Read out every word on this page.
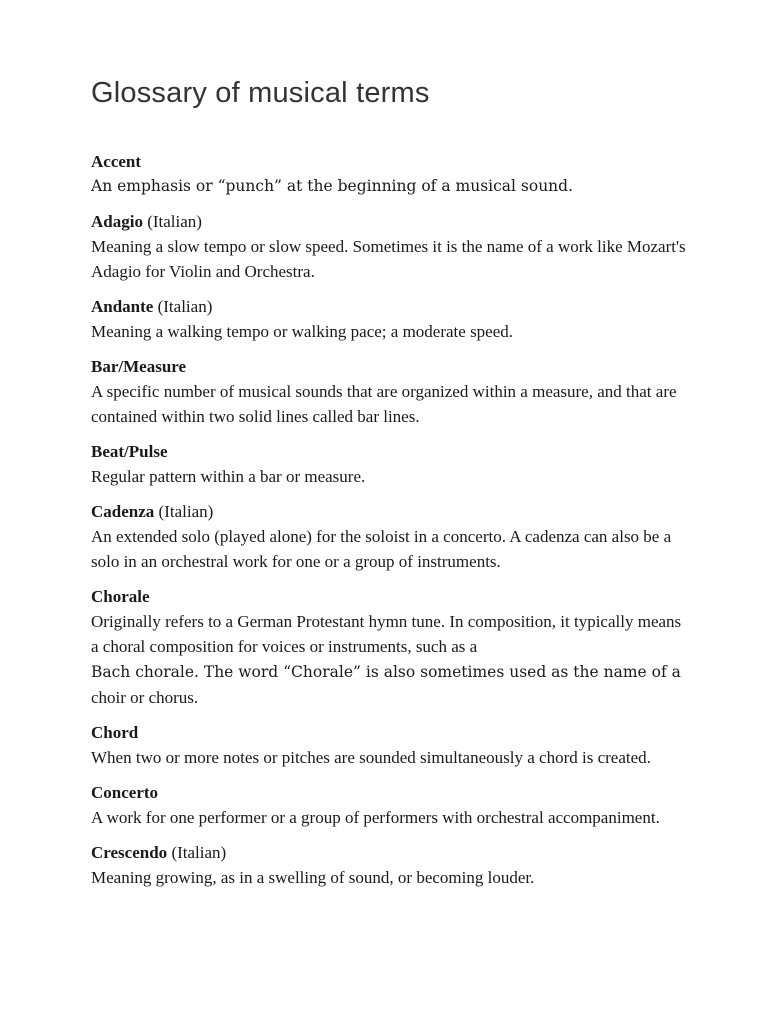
Glossary of musical terms

Accent

An emphasis or “punch” at the beginning of a musical sound.

Adagio (Italian)

Meaning a slow tempo or slow speed. Sometimes it is the name of a work like Mozart's Adagio for Violin and Orchestra.

Andante (Italian)

Meaning a walking tempo or walking pace; a moderate speed.

Bar/Measure

A specific number of musical sounds that are organized within a measure, and that are contained within two solid lines called bar lines.

Beat/Pulse

Regular pattern within a bar or measure.

Cadenza (Italian)

An extended solo (played alone) for the soloist in a concerto. A cadenza can also be a solo in an orchestral work for one or a group of instruments.

Chorale

Originally refers to a German Protestant hymn tune. In composition, it typically means a choral composition for voices or instruments, such as a
Bach chorale. The word “Chorale” is also sometimes used as the name of a
choir or chorus.

Chord

When two or more notes or pitches are sounded simultaneously a chord is created.

Concerto

A work for one performer or a group of performers with orchestral accompaniment.

Crescendo (Italian)

Meaning growing, as in a swelling of sound, or becoming louder.
